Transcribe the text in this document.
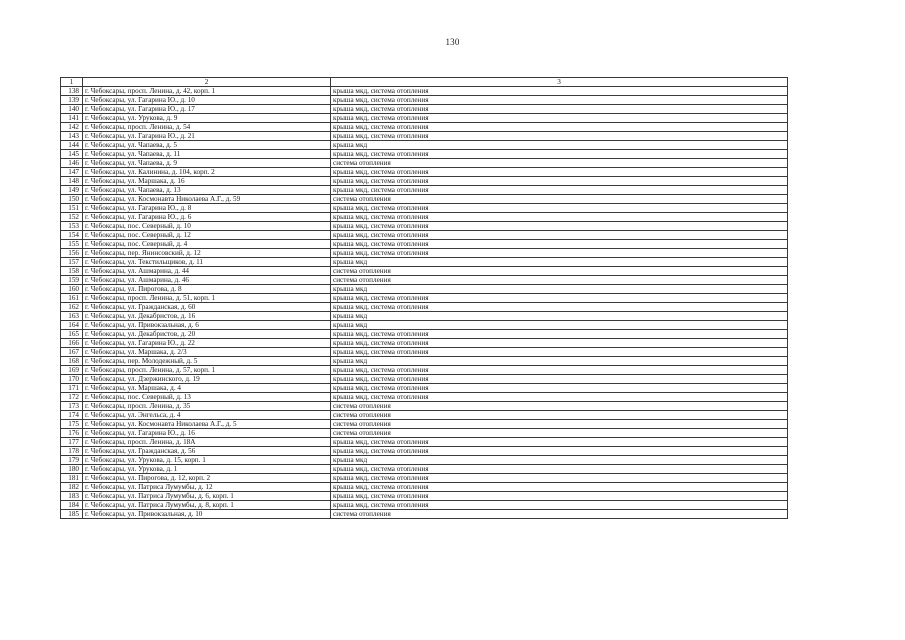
130
1	2	3
138	г. Чебоксары, просп. Ленина, д. 42, корп. 1	крыша мкд, система отопления
139	г. Чебоксары, ул. Гагарина Ю., д. 10	крыша мкд, система отопления
140	г. Чебоксары, ул. Гагарина Ю., д. 17	крыша мкд, система отопления
141	г. Чебоксары, ул. Урукова, д. 9	крыша мкд, система отопления
142	г. Чебоксары, просп. Ленина, д. 54	крыша мкд, система отопления
143	г. Чебоксары, ул. Гагарина Ю., д. 21	крыша мкд, система отопления
144	г. Чебоксары, ул. Чапаева, д. 5	крыша мкд
145	г. Чебоксары, ул. Чапаева, д. 11	крыша мкд, система отопления
146	г. Чебоксары, ул. Чапаева, д. 9	система отопления
147	г. Чебоксары, ул. Калинина, д. 104, корп. 2	крыша мкд, система отопления
148	г. Чебоксары, ул. Маршака, д. 16	крыша мкд, система отопления
149	г. Чебоксары, ул. Чапаева, д. 13	крыша мкд, система отопления
150	г. Чебоксары, ул. Космонавта Николаева А.Г., д. 59	система отопления
151	г. Чебоксары, ул. Гагарина Ю., д. 8	крыша мкд, система отопления
152	г. Чебоксары, ул. Гагарина Ю., д. 6	крыша мкд, система отопления
153	г. Чебоксары, пос. Северный, д. 10	крыша мкд, система отопления
154	г. Чебоксары, пос. Северный, д. 12	крыша мкд, система отопления
155	г. Чебоксары, пос. Северный, д. 4	крыша мкд, система отопления
156	г. Чебоксары, пер. Янинсовский, д. 12	крыша мкд, система отопления
157	г. Чебоксары, ул. Текстильщиков, д. 11	крыша мкд
158	г. Чебоксары, ул. Ашмарина, д. 44	система отопления
159	г. Чебоксары, ул. Ашмарина, д. 46	система отопления
160	г. Чебоксары, ул. Пирогова, д. 8	крыша мкд
161	г. Чебоксары, просп. Ленина, д. 51, корп. 1	крыша мкд, система отопления
162	г. Чебоксары, ул. Гражданская, д. 60	крыша мкд, система отопления
163	г. Чебоксары, ул. Декабристов, д. 16	крыша мкд
164	г. Чебоксары, ул. Привокзальная, д. 6	крыша мкд
165	г. Чебоксары, ул. Декабристов, д. 20	крыша мкд, система отопления
166	г. Чебоксары, ул. Гагарина Ю., д. 22	крыша мкд, система отопления
167	г. Чебоксары, ул. Маршака, д. 2/3	крыша мкд, система отопления
168	г. Чебоксары, пер. Молодежный, д. 5	крыша мкд
169	г. Чебоксары, просп. Ленина, д. 57, корп. 1	крыша мкд, система отопления
170	г. Чебоксары, ул. Дзержинского, д. 19	крыша мкд, система отопления
171	г. Чебоксары, ул. Маршака, д. 4	крыша мкд, система отопления
172	г. Чебоксары, пос. Северный, д. 13	крыша мкд, система отопления
173	г. Чебоксары, просп. Ленина, д. 35	система отопления
174	г. Чебоксары, ул. Энгельса, д. 4	система отопления
175	г. Чебоксары, ул. Космонавта Николаева А.Г., д. 5	система отопления
176	г. Чебоксары, ул. Гагарина Ю., д. 16	система отопления
177	г. Чебоксары, просп. Ленина, д. 18А	крыша мкд, система отопления
178	г. Чебоксары, ул. Гражданская, д. 56	крыша мкд, система отопления
179	г. Чебоксары, ул. Урукова, д. 15, корп. 1	крыша мкд
180	г. Чебоксары, ул. Урукова, д. 1	крыша мкд, система отопления
181	г. Чебоксары, ул. Пирогова, д. 12, корп. 2	крыша мкд, система отопления
182	г. Чебоксары, ул. Патриса Лумумбы, д. 12	крыша мкд, система отопления
183	г. Чебоксары, ул. Патриса Лумумбы, д. 6, корп. 1	крыша мкд, система отопления
184	г. Чебоксары, ул. Патриса Лумумбы, д. 8, корп. 1	крыша мкд, система отопления
185	г. Чебоксары, ул. Привокзальная, д. 10	система отопления
